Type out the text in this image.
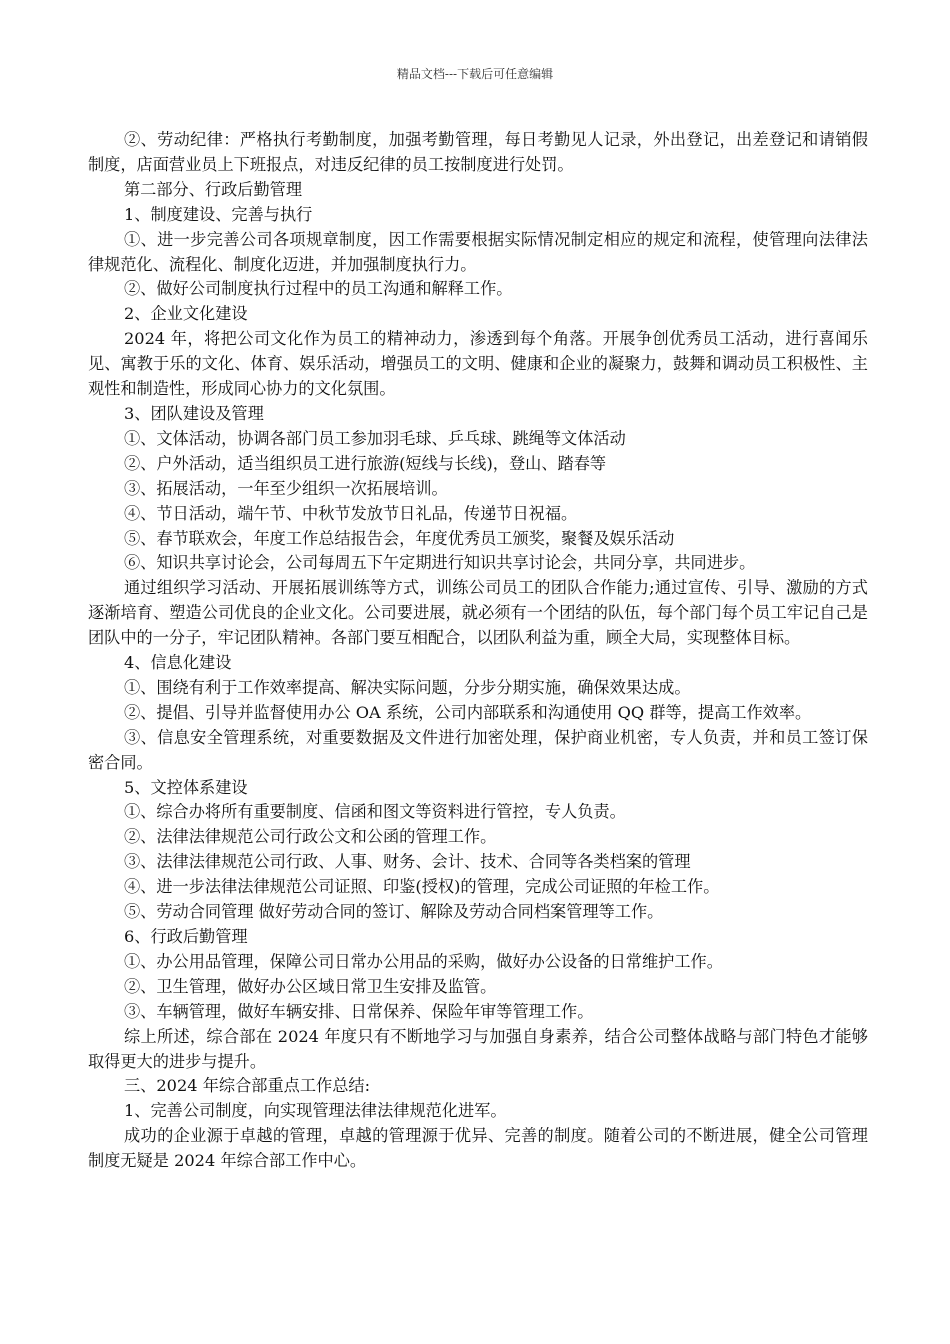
精品文档---下载后可任意编辑

②、劳动纪律：严格执行考勤制度，加强考勤管理，每日考勤见人记录，外出登记，出差登记和请销假制度，店面营业员上下班报点，对违反纪律的员工按制度进行处罚。

第二部分、行政后勤管理

1、制度建设、完善与执行

①、进一步完善公司各项规章制度，因工作需要根据实际情况制定相应的规定和流程，使管理向法律法律规范化、流程化、制度化迈进，并加强制度执行力。

②、做好公司制度执行过程中的员工沟通和解释工作。

2、企业文化建设

2024 年，将把公司文化作为员工的精神动力，渗透到每个角落。开展争创优秀员工活动，进行喜闻乐见、寓教于乐的文化、体育、娱乐活动，增强员工的文明、健康和企业的凝聚力，鼓舞和调动员工积极性、主观性和制造性，形成同心协力的文化氛围。

3、团队建设及管理

①、文体活动，协调各部门员工参加羽毛球、乒乓球、跳绳等文体活动

②、户外活动，适当组织员工进行旅游(短线与长线)，登山、踏春等

③、拓展活动，一年至少组织一次拓展培训。

④、节日活动，端午节、中秋节发放节日礼品，传递节日祝福。

⑤、春节联欢会，年度工作总结报告会，年度优秀员工颁奖，聚餐及娱乐活动

⑥、知识共享讨论会，公司每周五下午定期进行知识共享讨论会，共同分享，共同进步。

通过组织学习活动、开展拓展训练等方式，训练公司员工的团队合作能力;通过宣传、引导、激励的方式逐渐培育、塑造公司优良的企业文化。公司要进展，就必须有一个团结的队伍，每个部门每个员工牢记自己是团队中的一分子，牢记团队精神。各部门要互相配合，以团队利益为重，顾全大局，实现整体目标。

4、信息化建设

①、围绕有利于工作效率提高、解决实际问题，分步分期实施，确保效果达成。

②、提倡、引导并监督使用办公 OA 系统，公司内部联系和沟通使用 QQ 群等，提高工作效率。

③、信息安全管理系统，对重要数据及文件进行加密处理，保护商业机密，专人负责，并和员工签订保密合同。

5、文控体系建设

①、综合办将所有重要制度、信函和图文等资料进行管控，专人负责。

②、法律法律规范公司行政公文和公函的管理工作。

③、法律法律规范公司行政、人事、财务、会计、技术、合同等各类档案的管理

④、进一步法律法律规范公司证照、印鉴(授权)的管理，完成公司证照的年检工作。

⑤、劳动合同管理 做好劳动合同的签订、解除及劳动合同档案管理等工作。

6、行政后勤管理

①、办公用品管理，保障公司日常办公用品的采购，做好办公设备的日常维护工作。

②、卫生管理，做好办公区域日常卫生安排及监管。

③、车辆管理，做好车辆安排、日常保养、保险年审等管理工作。

综上所述，综合部在 2024 年度只有不断地学习与加强自身素养，结合公司整体战略与部门特色才能够取得更大的进步与提升。

三、2024 年综合部重点工作总结:

1、完善公司制度，向实现管理法律法律规范化进军。

成功的企业源于卓越的管理，卓越的管理源于优异、完善的制度。随着公司的不断进展，健全公司管理制度无疑是 2024 年综合部工作中心。
